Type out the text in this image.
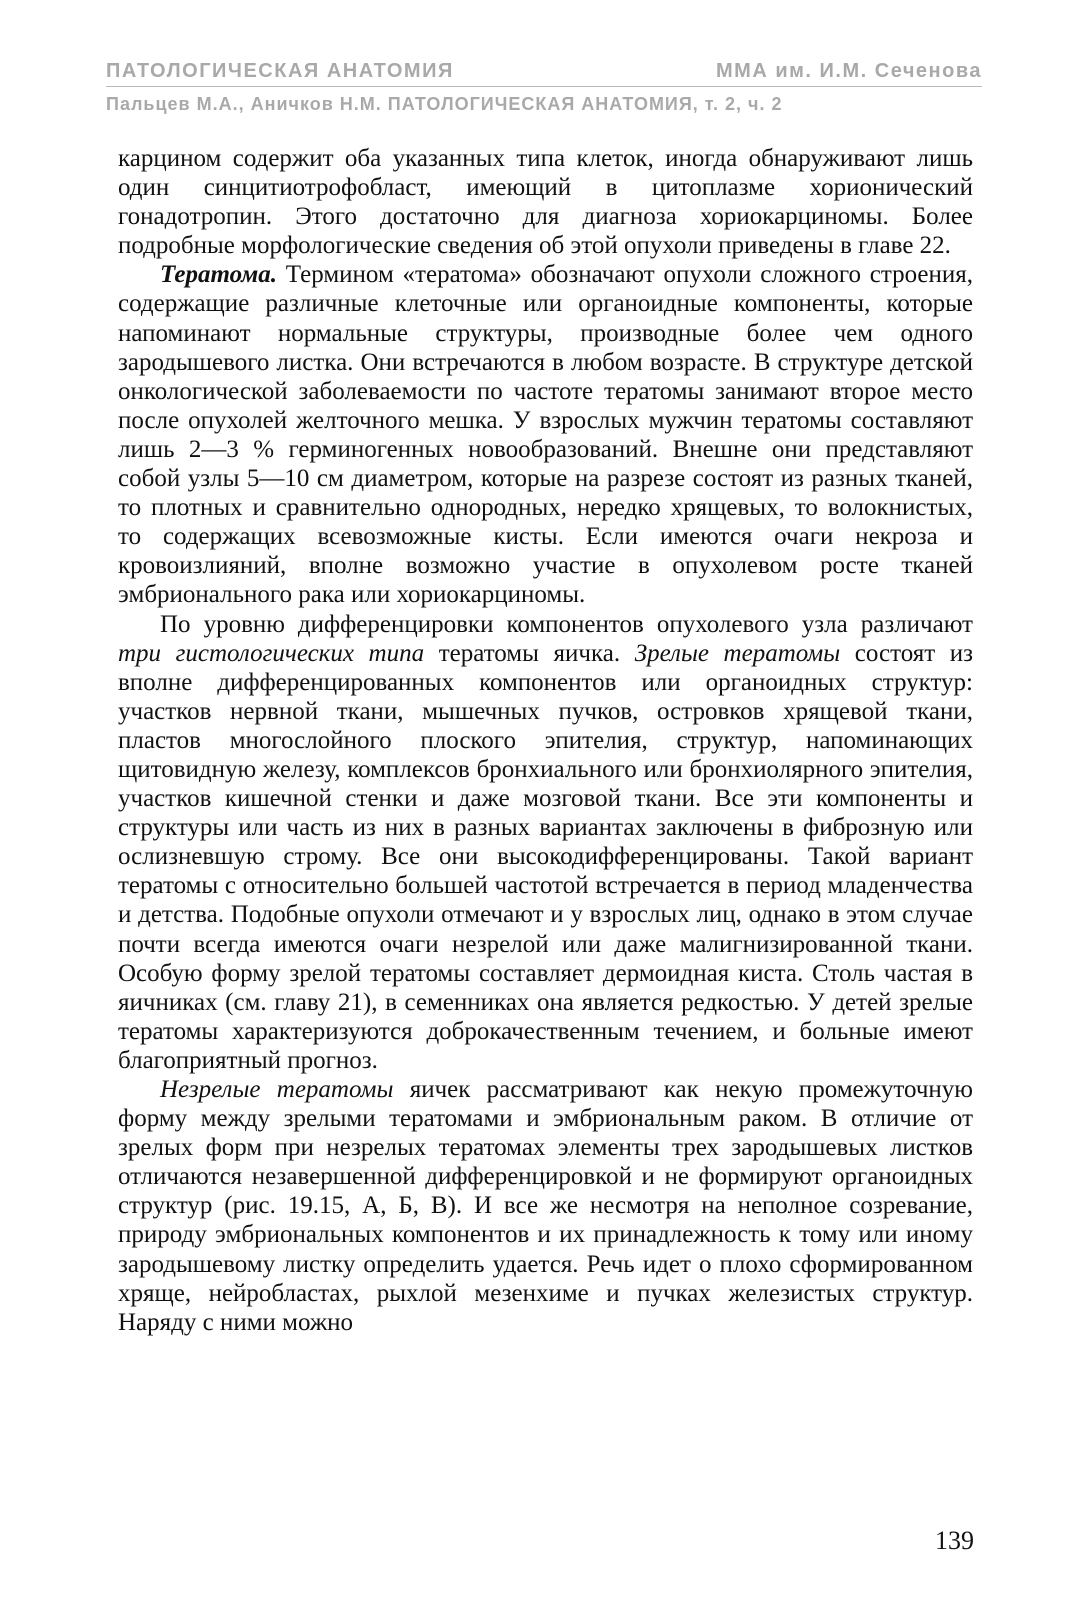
ПАТОЛОГИЧЕСКАЯ АНАТОМИЯ	ММА им. И.М. Сеченова
Пальцев М.А., Аничков Н.М. ПАТОЛОГИЧЕСКАЯ АНАТОМИЯ, т. 2, ч. 2

карцином содержит оба указанных типа клеток, иногда обнаруживают лишь один синцитиотрофобласт, имеющий в цитоплазме хорионический гонадотропин. Этого достаточно для диагноза хориокарциномы. Более подробные морфологические сведения об этой опухоли приведены в главе 22.

Тератома. Термином «тератома» обозначают опухоли сложного строения, содержащие различные клеточные или органоидные компоненты, которые напоминают нормальные структуры, производные более чем одного зародышевого листка. Они встречаются в любом возрасте. В структуре детской онкологической заболеваемости по частоте тератомы занимают второе место после опухолей желточного мешка. У взрослых мужчин тератомы составляют лишь 2—3 % герминогенных новообразований. Внешне они представляют собой узлы 5—10 см диаметром, которые на разрезе состоят из разных тканей, то плотных и сравнительно однородных, нередко хрящевых, то волокнистых, то содержащих всевозможные кисты. Если имеются очаги некроза и кровоизлияний, вполне возможно участие в опухолевом росте тканей эмбрионального рака или хориокарциномы.

По уровню дифференцировки компонентов опухолевого узла различают три гистологических типа тератомы яичка. Зрелые тератомы состоят из вполне дифференцированных компонентов или органоидных структур: участков нервной ткани, мышечных пучков, островков хрящевой ткани, пластов многослойного плоского эпителия, структур, напоминающих щитовидную железу, комплексов бронхиального или бронхиолярного эпителия, участков кишечной стенки и даже мозговой ткани. Все эти компоненты и структуры или часть из них в разных вариантах заключены в фиброзную или ослизневшую строму. Все они высокодифференцированы. Такой вариант тератомы с относительно большей частотой встречается в период младенчества и детства. Подобные опухоли отмечают и у взрослых лиц, однако в этом случае почти всегда имеются очаги незрелой или даже малигнизированной ткани. Особую форму зрелой тератомы составляет дермоидная киста. Столь частая в яичниках (см. главу 21), в семенниках она является редкостью. У детей зрелые тератомы характеризуются доброкачественным течением, и больные имеют благоприятный прогноз.

Незрелые тератомы яичек рассматривают как некую промежуточную форму между зрелыми тератомами и эмбриональным раком. В отличие от зрелых форм при незрелых тератомах элементы трех зародышевых листков отличаются незавершенной дифференцировкой и не формируют органоидных структур (рис. 19.15, А, Б, В). И все же несмотря на неполное созревание, природу эмбриональных компонентов и их принадлежность к тому или иному зародышевому листку определить удается. Речь идет о плохо сформированном хряще, нейробластах, рыхлой мезенхиме и пучках железистых структур. Наряду с ними можно

139
